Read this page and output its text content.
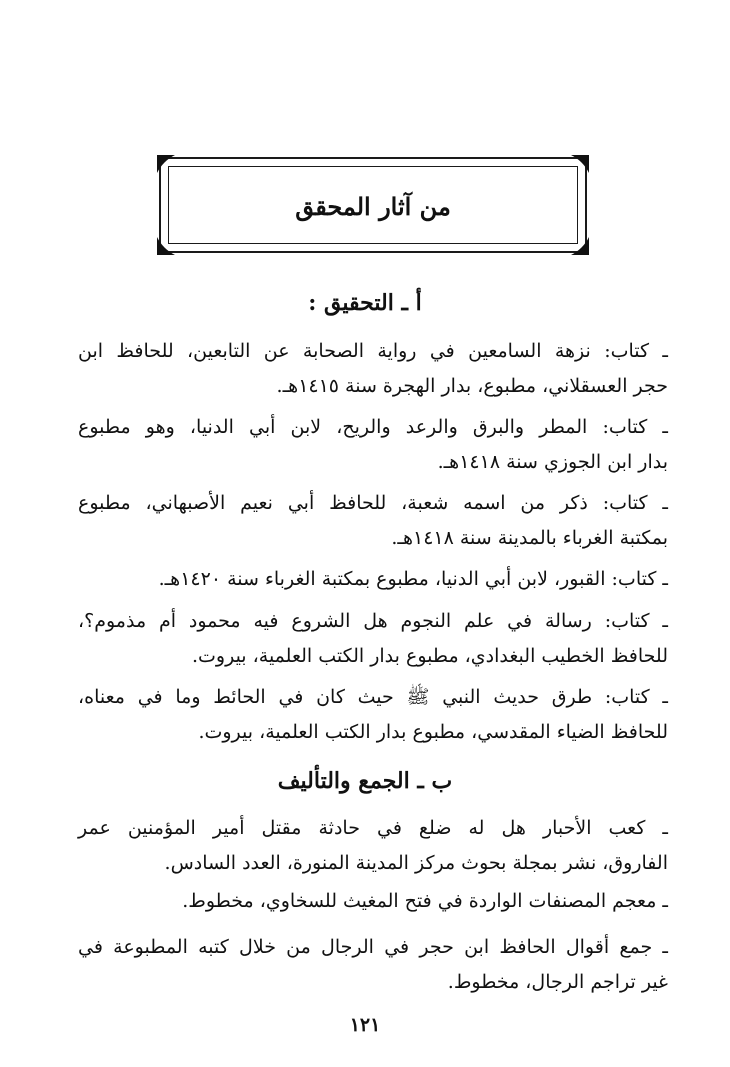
من آثار المحقق
أ ـ التحقيق :
ـ كتاب: نزهة السامعين في رواية الصحابة عن التابعين، للحافظ ابن
حجر العسقلاني، مطبوع، بدار الهجرة سنة ١٤١٥هـ.
ـ كتاب: المطر والبرق والرعد والريح، لابن أبي الدنيا، وهو مطبوع
بدار ابن الجوزي سنة ١٤١٨هـ.
ـ كتاب: ذكر من اسمه شعبة، للحافظ أبي نعيم الأصبهاني، مطبوع
بمكتبة الغرباء بالمدينة سنة ١٤١٨هـ.
ـ كتاب: القبور، لابن أبي الدنيا، مطبوع بمكتبة الغرباء سنة ١٤٢٠هـ.
ـ كتاب: رسالة في علم النجوم هل الشروع فيه محمود أم مذموم؟،
للحافظ الخطيب البغدادي، مطبوع بدار الكتب العلمية، بيروت.
ـ كتاب: طرق حديث النبي ﷺ حيث كان في الحائط وما في معناه،
للحافظ الضياء المقدسي، مطبوع بدار الكتب العلمية، بيروت.
ب ـ الجمع والتأليف
ـ كعب الأحبار هل له ضلع في حادثة مقتل أمير المؤمنين عمر
الفاروق، نشر بمجلة بحوث مركز المدينة المنورة، العدد السادس.
ـ معجم المصنفات الواردة في فتح المغيث للسخاوي، مخطوط.
ـ جمع أقوال الحافظ ابن حجر في الرجال من خلال كتبه المطبوعة في
غير تراجم الرجال، مخطوط.
١٢١
